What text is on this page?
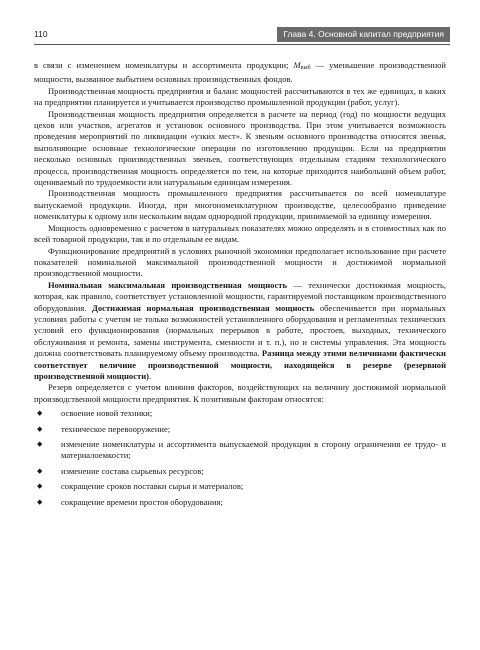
110	Глава 4. Основной капитал предприятия

в связи с изменением номенклатуры и ассортимента продукции; $М_{выб}$ — уменьшение производственной мощности, вызванное выбытием основных производственных фондов.

Производственная мощность предприятия и баланс мощностей рассчитываются в тех же единицах, в каких на предприятии планируется и учитывается производство промышленной продукции (работ, услуг).

Производственная мощность предприятия определяется в расчете на период (год) по мощности ведущих цехов или участков, агрегатов и установок основного производства. При этом учитывается возможность проведения мероприятий по ликвидации «узких мест». К звеньям основного производства относятся звенья, выполняющие основные технологические операции по изготовлению продукции. Если на предприятии несколько основных производственных звеньев, соответствующих отдельным стадиям технологического процесса, производственная мощность определяется по тем, на которые приходится наибольший объем работ, оцениваемый по трудоемкости или натуральным единицам измерения.

Производственная мощность промышленного предприятия рассчитывается по всей номенклатуре выпускаемой продукции. Иногда, при многономенклатурном производстве, целесообразно приведение номенклатуры к одному или нескольким видам однородной продукции, принимаемой за единицу измерения.

Мощность одновременно с расчетом в натуральных показателях можно определять и в стоимостных как по всей товарной продукции, так и по отдельным ее видам.

Функционирование предприятий в условиях рыночной экономики предполагает использование при расчете показателей номинальной максимальной производственной мощности и достижимой нормальной производственной мощности.

Номинальная максимальная производственная мощность — технически достижимая мощность, которая, как правило, соответствует установленной мощности, гарантируемой поставщиком производственного оборудования. Достижимая нормальная производственная мощность обеспечивается при нормальных условиях работы с учетом не только возможностей установленного оборудования и регламентных технических условий его функционирования (нормальных перерывов в работе, простоев, выходных, технического обслуживания и ремонта, замены инструмента, сменности и т. п.), но и системы управления. Эта мощность должна соответствовать планируемому объему производства. Разница между этими величинами фактически соответствует величине производственной мощности, находящейся в резерве (резервной производственной мощности).

Резерв определяется с учетом влияния факторов, воздействующих на величину достижимой нормальной производственной мощности предприятия. К позитивным факторам относятся:

◆	освоение новой техники;
◆	техническое перевооружение;
◆	изменение номенклатуры и ассортимента выпускаемой продукции в сторону ограничения ее трудо- и материалоемкости;
◆	изменение состава сырьевых ресурсов;
◆	сокращение сроков поставки сырья и материалов;
◆	сокращение времени простоя оборудования;
